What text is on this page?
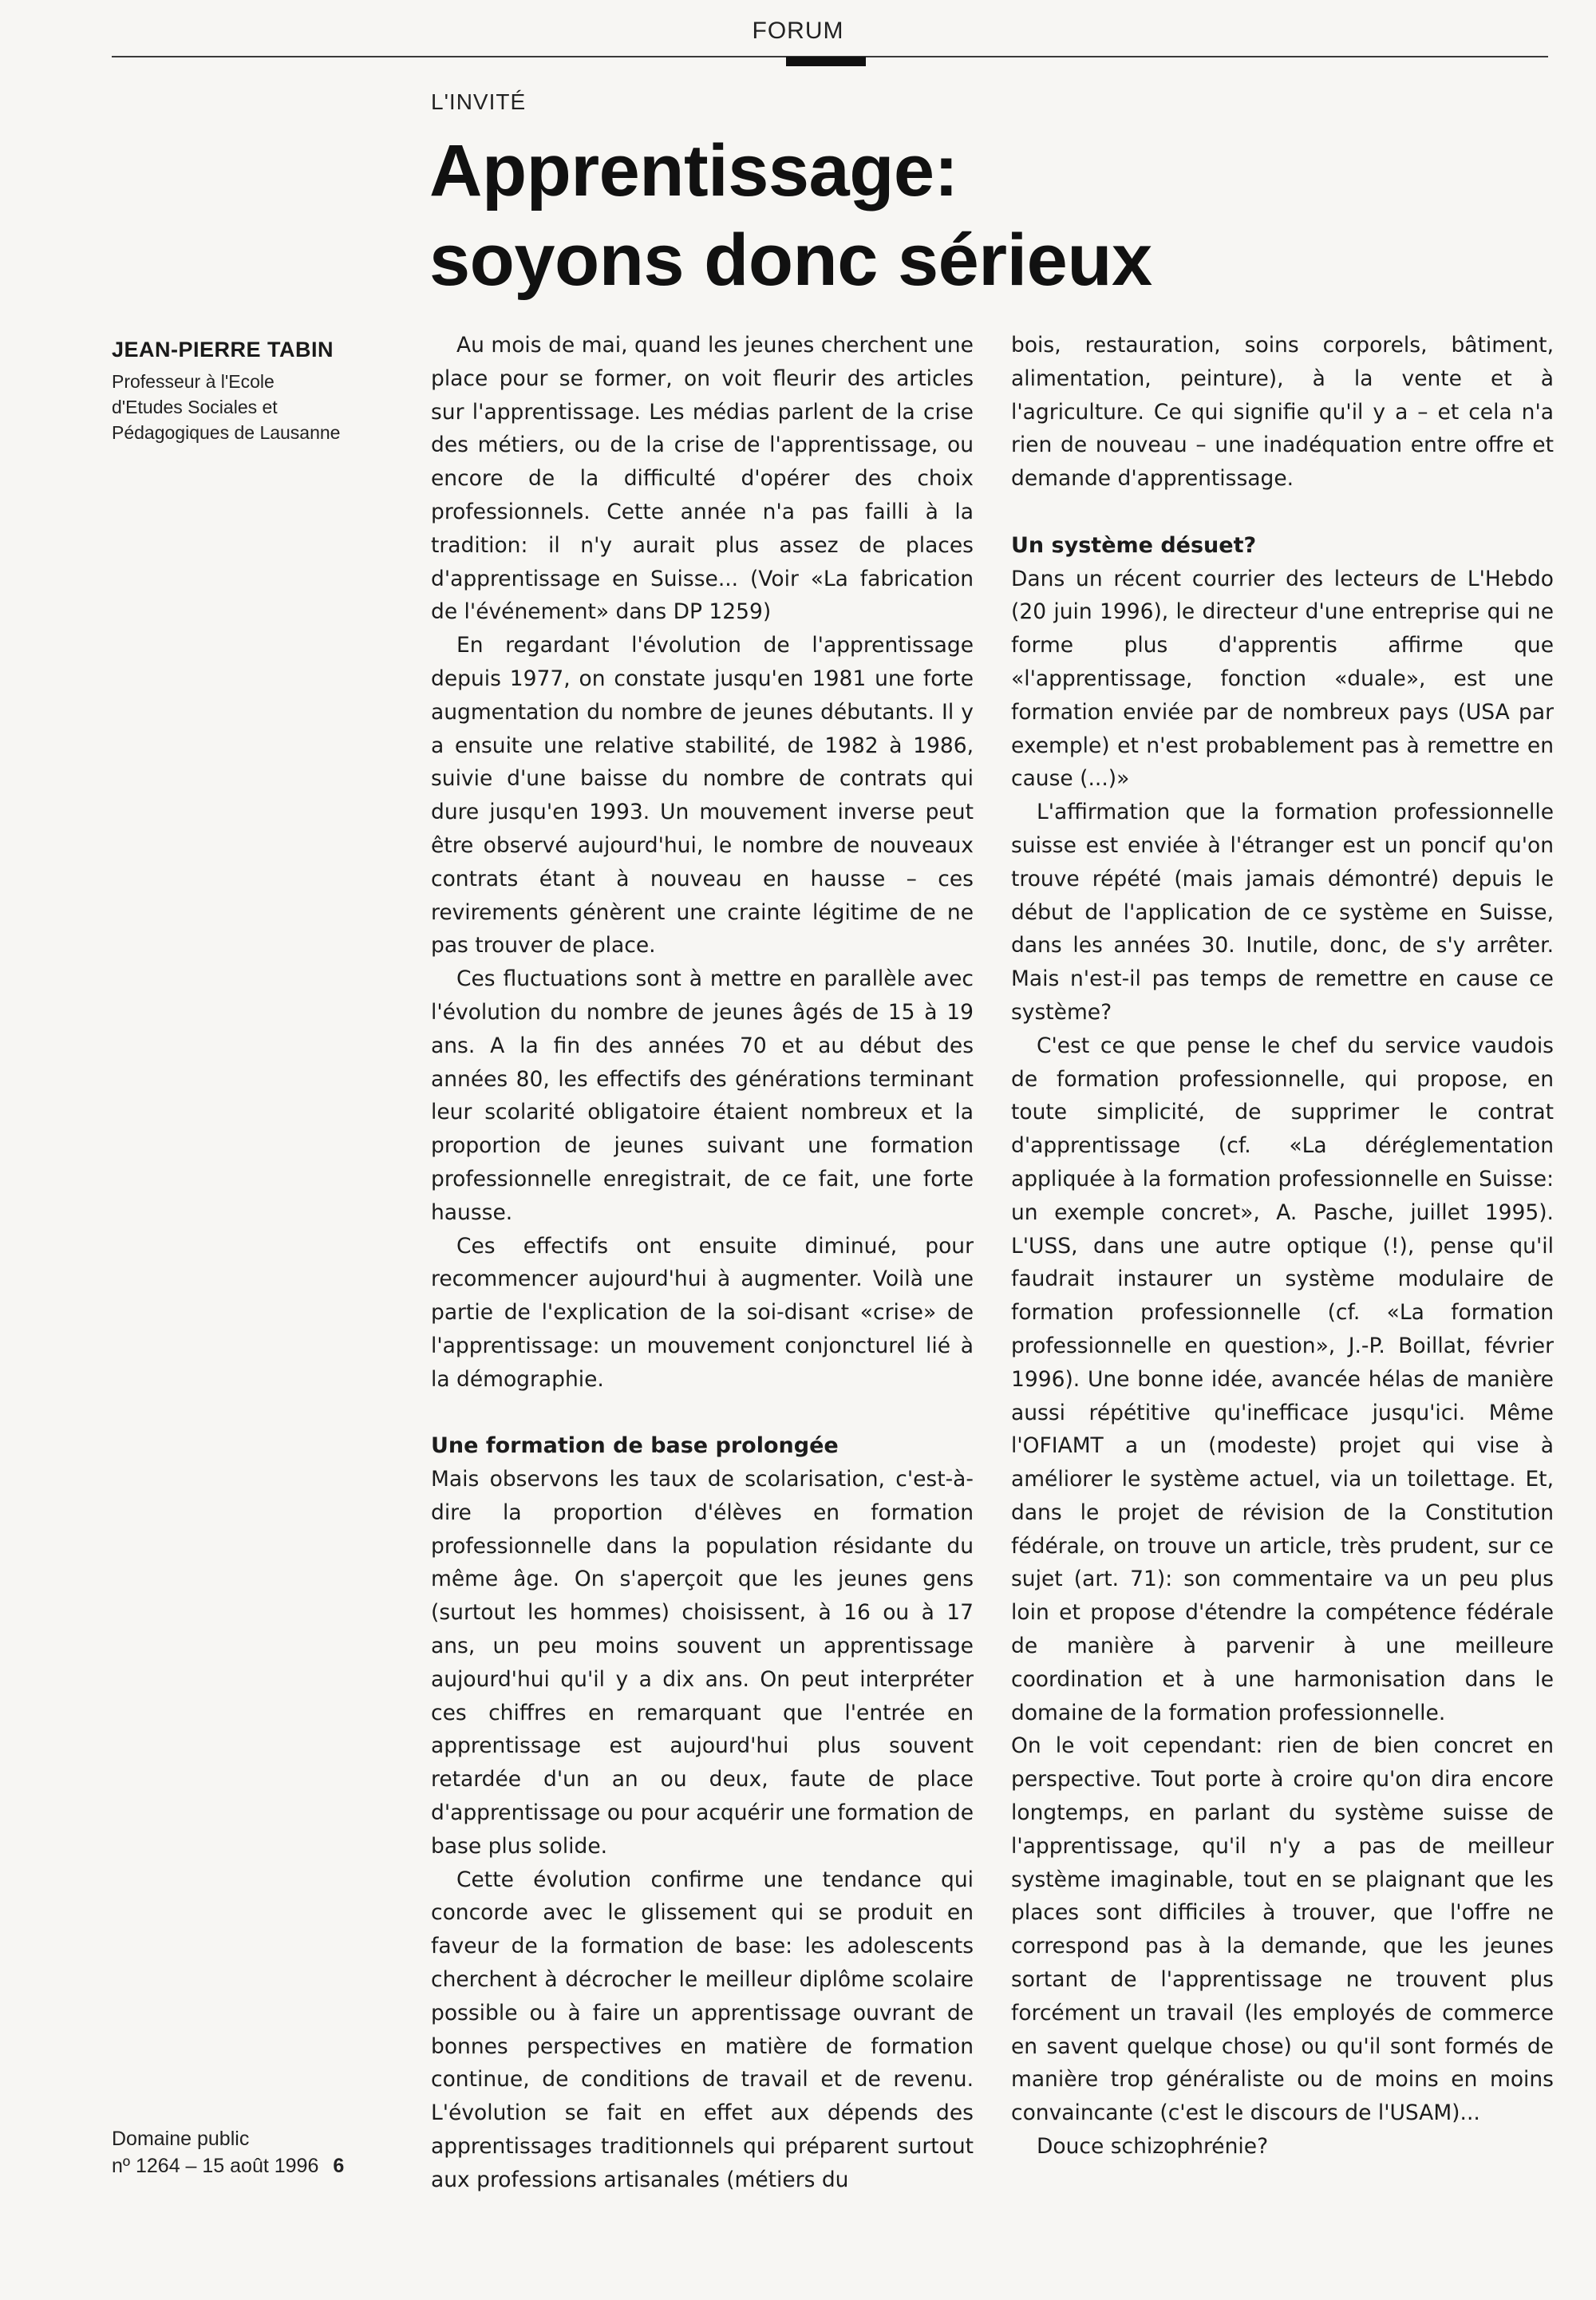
FORUM
L'INVITÉ
Apprentissage:
soyons donc sérieux
JEAN-PIERRE TABIN
Professeur à l'Ecole
d'Etudes Sociales et
Pédagogiques de Lausanne
Domaine public
nº 1264 – 15 août 1996 6

Au mois de mai, quand les jeunes cherchent une place pour se former, on voit fleurir des articles sur l'apprentissage. Les médias parlent de la crise des métiers, ou de la crise de l'apprentissage, ou encore de la difficulté d'opérer des choix professionnels. Cette année n'a pas failli à la tradition: il n'y aurait plus assez de places d'apprentissage en Suisse... (Voir «La fabrication de l'événement» dans DP 1259)

En regardant l'évolution de l'apprentissage depuis 1977, on constate jusqu'en 1981 une forte augmentation du nombre de jeunes débutants. Il y a ensuite une relative stabilité, de 1982 à 1986, suivie d'une baisse du nombre de contrats qui dure jusqu'en 1993. Un mouvement inverse peut être observé aujourd'hui, le nombre de nouveaux contrats étant à nouveau en hausse – ces revirements génèrent une crainte légitime de ne pas trouver de place.

Ces fluctuations sont à mettre en parallèle avec l'évolution du nombre de jeunes âgés de 15 à 19 ans. A la fin des années 70 et au début des années 80, les effectifs des générations terminant leur scolarité obligatoire étaient nombreux et la proportion de jeunes suivant une formation professionnelle enregistrait, de ce fait, une forte hausse.

Ces effectifs ont ensuite diminué, pour recommencer aujourd'hui à augmenter. Voilà une partie de l'explication de la soi-disant «crise» de l'apprentissage: un mouvement conjoncturel lié à la démographie.

Une formation de base prolongée

Mais observons les taux de scolarisation, c'est-à-dire la proportion d'élèves en formation professionnelle dans la population résidante du même âge. On s'aperçoit que les jeunes gens (surtout les hommes) choisissent, à 16 ou à 17 ans, un peu moins souvent un apprentissage aujourd'hui qu'il y a dix ans. On peut interpréter ces chiffres en remarquant que l'entrée en apprentissage est aujourd'hui plus souvent retardée d'un an ou deux, faute de place d'apprentissage ou pour acquérir une formation de base plus solide.

Cette évolution confirme une tendance qui concorde avec le glissement qui se produit en faveur de la formation de base: les adolescents cherchent à décrocher le meilleur diplôme scolaire possible ou à faire un apprentissage ouvrant de bonnes perspectives en matière de formation continue, de conditions de travail et de revenu. L'évolution se fait en effet aux dépends des apprentissages traditionnels qui préparent surtout aux professions artisanales (métiers du

bois, restauration, soins corporels, bâtiment, alimentation, peinture), à la vente et à l'agriculture. Ce qui signifie qu'il y a – et cela n'a rien de nouveau – une inadéquation entre offre et demande d'apprentissage.

Un système désuet?

Dans un récent courrier des lecteurs de L'Hebdo (20 juin 1996), le directeur d'une entreprise qui ne forme plus d'apprentis affirme que «l'apprentissage, fonction «duale», est une formation enviée par de nombreux pays (USA par exemple) et n'est probablement pas à remettre en cause (...)»

L'affirmation que la formation professionnelle suisse est enviée à l'étranger est un poncif qu'on trouve répété (mais jamais démontré) depuis le début de l'application de ce système en Suisse, dans les années 30. Inutile, donc, de s'y arrêter. Mais n'est-il pas temps de remettre en cause ce système?

C'est ce que pense le chef du service vaudois de formation professionnelle, qui propose, en toute simplicité, de supprimer le contrat d'apprentissage (cf. «La déréglementation appliquée à la formation professionnelle en Suisse: un exemple concret», A. Pasche, juillet 1995). L'USS, dans une autre optique (!), pense qu'il faudrait instaurer un système modulaire de formation professionnelle (cf. «La formation professionnelle en question», J.-P. Boillat, février 1996). Une bonne idée, avancée hélas de manière aussi répétitive qu'inefficace jusqu'ici. Même l'OFIAMT a un (modeste) projet qui vise à améliorer le système actuel, via un toilettage. Et, dans le projet de révision de la Constitution fédérale, on trouve un article, très prudent, sur ce sujet (art. 71): son commentaire va un peu plus loin et propose d'étendre la compétence fédérale de manière à parvenir à une meilleure coordination et à une harmonisation dans le domaine de la formation professionnelle.

On le voit cependant: rien de bien concret en perspective. Tout porte à croire qu'on dira encore longtemps, en parlant du système suisse de l'apprentissage, qu'il n'y a pas de meilleur système imaginable, tout en se plaignant que les places sont difficiles à trouver, que l'offre ne correspond pas à la demande, que les jeunes sortant de l'apprentissage ne trouvent plus forcément un travail (les employés de commerce en savent quelque chose) ou qu'il sont formés de manière trop généraliste ou de moins en moins convaincante (c'est le discours de l'USAM)...

Douce schizophrénie?
